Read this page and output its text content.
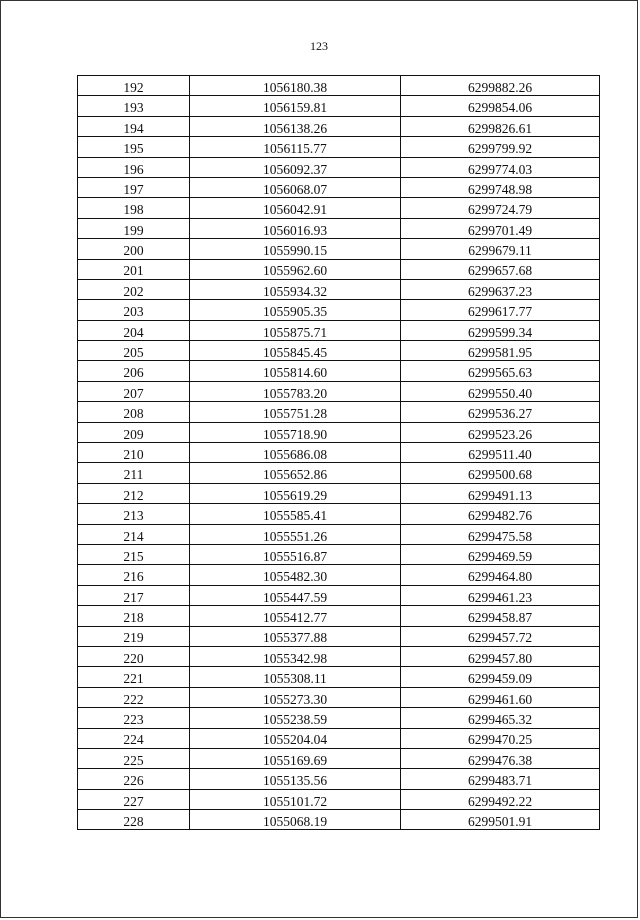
123
192	1056180.38	6299882.26
193	1056159.81	6299854.06
194	1056138.26	6299826.61
195	1056115.77	6299799.92
196	1056092.37	6299774.03
197	1056068.07	6299748.98
198	1056042.91	6299724.79
199	1056016.93	6299701.49
200	1055990.15	6299679.11
201	1055962.60	6299657.68
202	1055934.32	6299637.23
203	1055905.35	6299617.77
204	1055875.71	6299599.34
205	1055845.45	6299581.95
206	1055814.60	6299565.63
207	1055783.20	6299550.40
208	1055751.28	6299536.27
209	1055718.90	6299523.26
210	1055686.08	6299511.40
211	1055652.86	6299500.68
212	1055619.29	6299491.13
213	1055585.41	6299482.76
214	1055551.26	6299475.58
215	1055516.87	6299469.59
216	1055482.30	6299464.80
217	1055447.59	6299461.23
218	1055412.77	6299458.87
219	1055377.88	6299457.72
220	1055342.98	6299457.80
221	1055308.11	6299459.09
222	1055273.30	6299461.60
223	1055238.59	6299465.32
224	1055204.04	6299470.25
225	1055169.69	6299476.38
226	1055135.56	6299483.71
227	1055101.72	6299492.22
228	1055068.19	6299501.91
